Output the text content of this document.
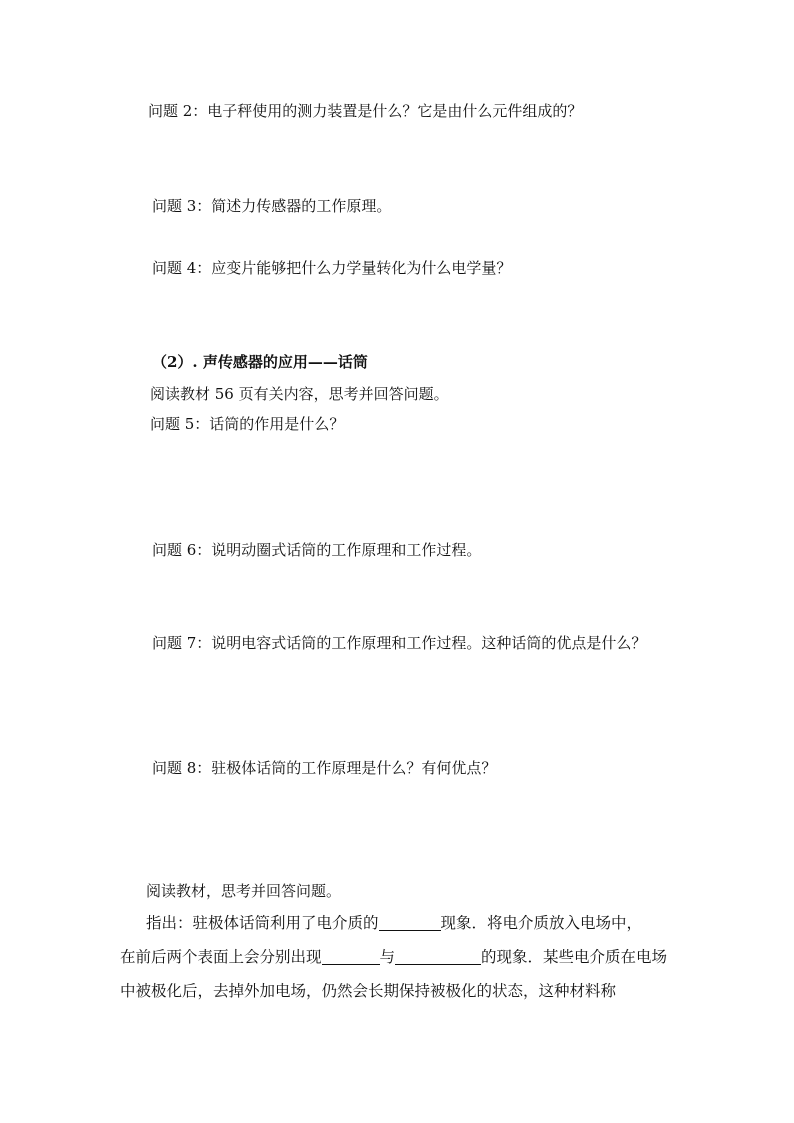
问题 2：电子秤使用的测力装置是什么？它是由什么元件组成的？
问题 3：简述力传感器的工作原理。
问题 4：应变片能够把什么力学量转化为什么电学量？
（2）. 声传感器的应用——话筒
阅读教材 56 页有关内容，思考并回答问题。
问题 5：话筒的作用是什么？
问题 6：说明动圈式话筒的工作原理和工作过程。
问题 7：说明电容式话筒的工作原理和工作过程。这种话筒的优点是什么？
问题 8：驻极体话筒的工作原理是什么？有何优点？
阅读教材，思考并回答问题。

指出：驻极体话筒利用了电介质的	现象．将电介质放入电场中，

在前后两个表面上会分别出现	与	的现象．某些电介质在电场

中被极化后，去掉外加电场，仍然会长期保持被极化的状态，这种材料称
